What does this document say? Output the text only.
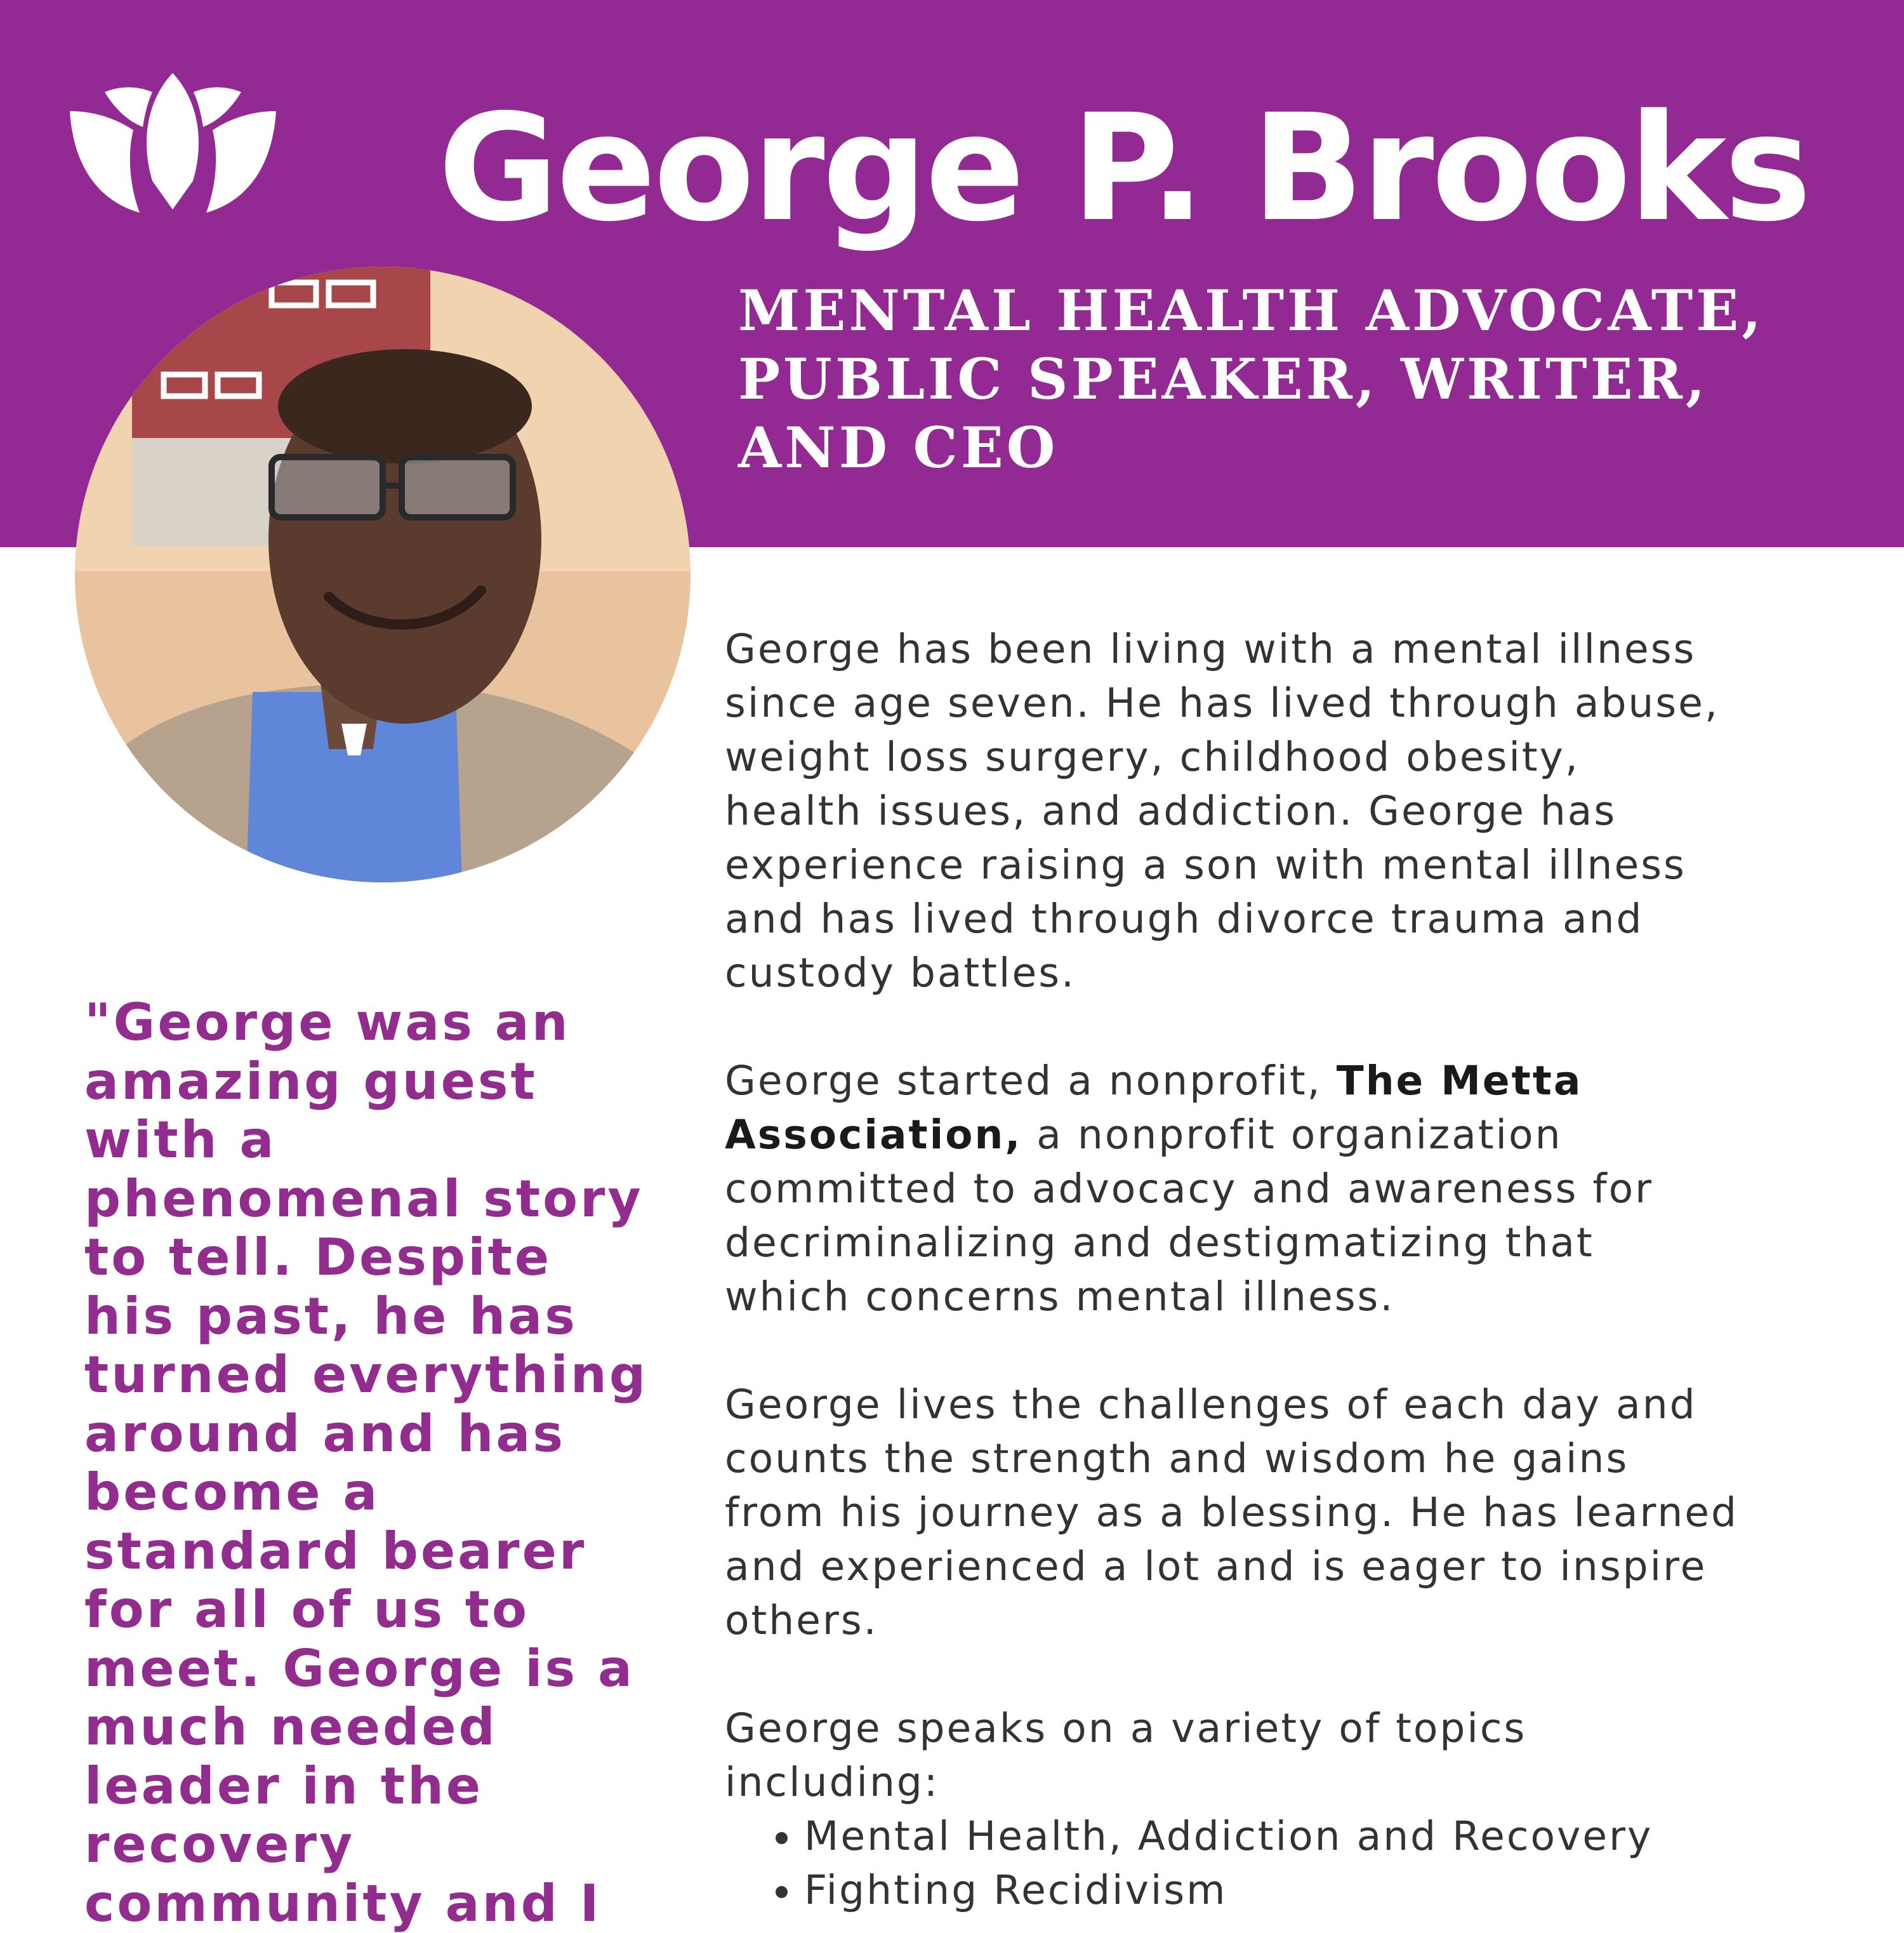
George P. Brooks
MENTAL HEALTH ADVOCATE,
PUBLIC SPEAKER, WRITER,
AND CEO
"George was an
amazing guest
with a
phenomenal story
to tell. Despite
his past, he has
turned everything
around and has
become a
standard bearer
for all of us to
meet. George is a
much needed
leader in the
recovery
community and I

George has been living with a mental illness
since age seven. He has lived through abuse,
weight loss surgery, childhood obesity,
health issues, and addiction. George has
experience raising a son with mental illness
and has lived through divorce trauma and
custody battles.

George started a nonprofit, The Metta
Association, a nonprofit organization
committed to advocacy and awareness for
decriminalizing and destigmatizing that
which concerns mental illness.

George lives the challenges of each day and
counts the strength and wisdom he gains
from his journey as a blessing. He has learned
and experienced a lot and is eager to inspire
others.

George speaks on a variety of topics
including:

• Mental Health, Addiction and Recovery
• Fighting Recidivism
